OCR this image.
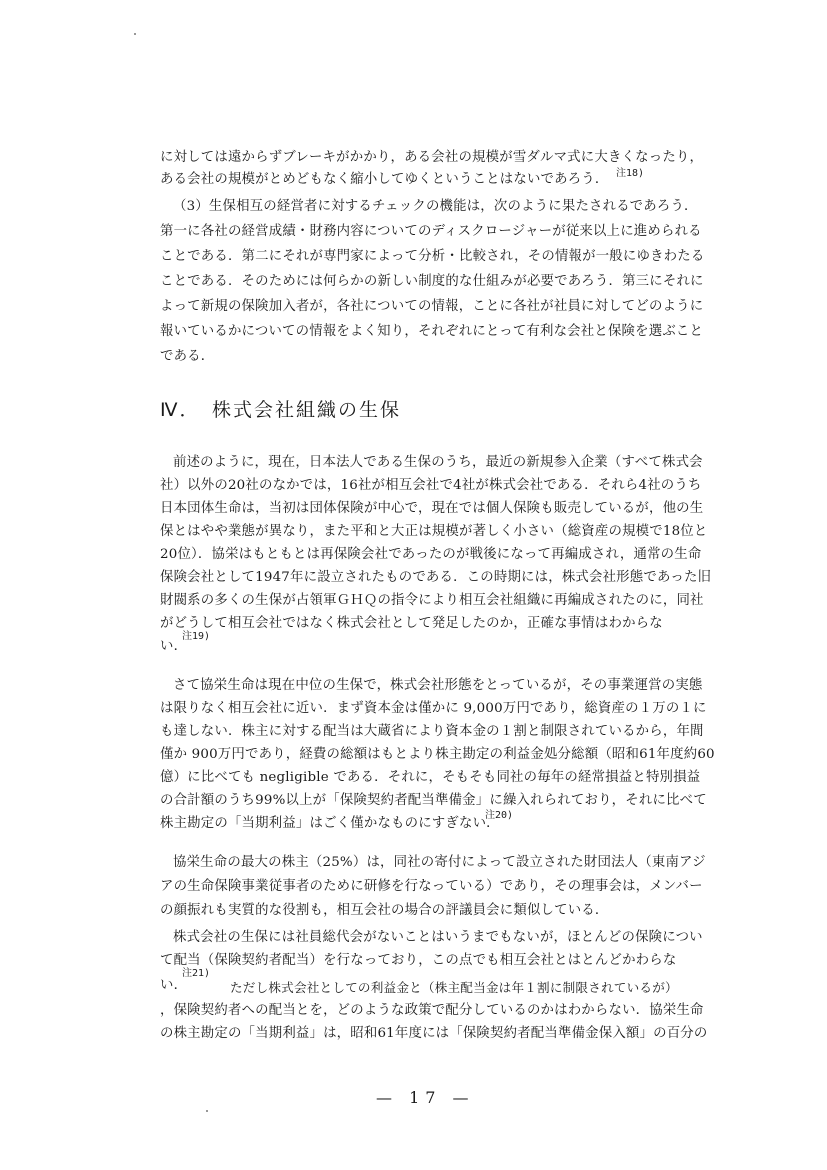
に対しては遠からずブレーキがかかり，ある会社の規模が雪ダルマ式に大きくなったり，
ある会社の規模がとめどもなく縮小してゆくということはないであろう． 注18)
（3）生保相互の経営者に対するチェックの機能は，次のように果たされるであろう．
第一に各社の経営成績・財務内容についてのディスクロージャーが従来以上に進められる
ことである．第二にそれが専門家によって分析・比較され，その情報が一般にゆきわたる
ことである．そのためには何らかの新しい制度的な仕組みが必要であろう．第三にそれに
よって新規の保険加入者が，各社についての情報，ことに各社が社員に対してどのように
報いているかについての情報をよく知り，それぞれにとって有利な会社と保険を選ぶこと
である．
Ⅳ．　株式会社組織の生保
前述のように，現在，日本法人である生保のうち，最近の新規参入企業（すべて株式会
社）以外の20社のなかでは，16社が相互会社で4社が株式会社である．それら4社のうち
日本団体生命は，当初は団体保険が中心で，現在では個人保険も販売しているが，他の生
保とはやや業態が異なり，また平和と大正は規模が著しく小さい（総資産の規模で18位と
20位）．協栄はもともとは再保険会社であったのが戦後になって再編成され，通常の生命
保険会社として1947年に設立されたものである．この時期には，株式会社形態であった旧
財閥系の多くの生保が占領軍ＧＨＱの指令により相互会社組織に再編成されたのに，同社
がどうして相互会社ではなく株式会社として発足したのか，正確な事情はわからな
い．
注19)
さて協栄生命は現在中位の生保で，株式会社形態をとっているが，その事業運営の実態
は限りなく相互会社に近い．まず資本金は僅かに 9,000万円であり，総資産の１万の１に
も達しない．株主に対する配当は大蔵省により資本金の１割と制限されているから，年間
僅か 900万円であり，経費の総額はもとより株主勘定の利益金処分総額（昭和61年度約60
億）に比べても negligible である．それに，そもそも同社の毎年の経常損益と特別損益
の合計額のうち99%以上が「保険契約者配当準備金」に繰入れられており，それに比べて
株主勘定の「当期利益」はごく僅かなものにすぎない．
注20)
協栄生命の最大の株主（25%）は，同社の寄付によって設立された財団法人（東南アジ
アの生命保険事業従事者のために研修を行なっている）であり，その理事会は，メンバー
の顔振れも実質的な役割も，相互会社の場合の評議員会に類似している．
株式会社の生保には社員総代会がないことはいうまでもないが，ほとんどの保険につい
て配当（保険契約者配当）を行なっており，この点でも相互会社とはとんどかわらな
い．
注21)
ただし株式会社としての利益金と（株主配当金は年１割に制限されているが）
，保険契約者への配当とを，どのような政策で配分しているのかはわからない．協栄生命
の株主勘定の「当期利益」は，昭和61年度には「保険契約者配当準備金保入額」の百分の
— 17 —
